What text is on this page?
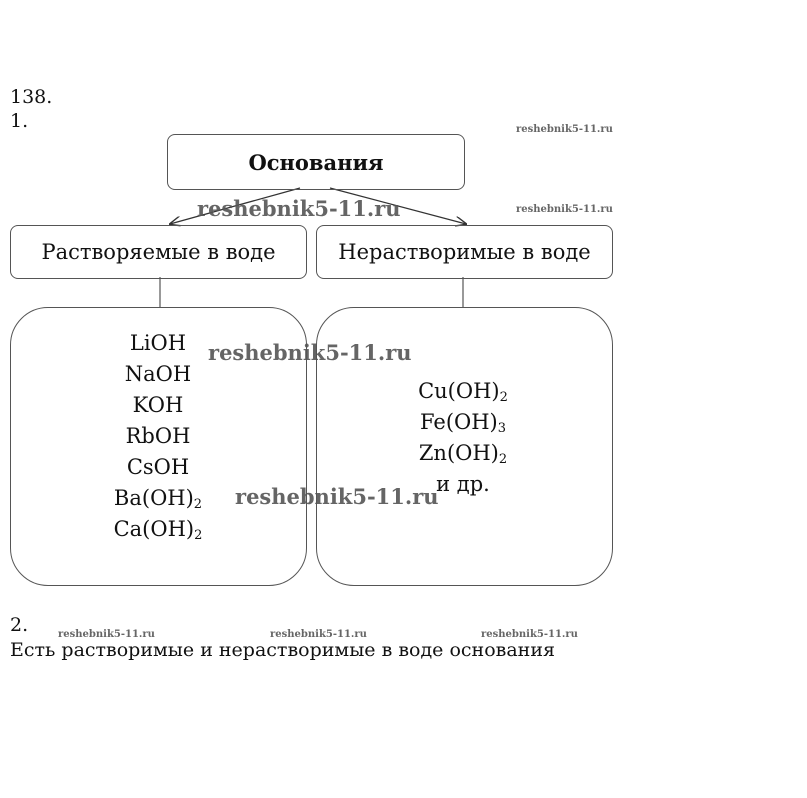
138.
1.
Основания
Растворяемые в воде	Нерастворимые в воде
LiOH
NaOH
KOH
RbOH
CsOH
$Ba(OH)_2$
$Ca(OH)_2$
$Cu(OH)_2$
$Fe(OH)_3$
$Zn(OH)_2$
и др.
2.
Есть растворимые и нерастворимые в воде основания
reshebnik5-11.ru
reshebnik5-11.ru
reshebnik5-11.ru
reshebnik5-11.ru
reshebnik5-11.ru
reshebnik5-11.ru	reshebnik5-11.ru	reshebnik5-11.ru
